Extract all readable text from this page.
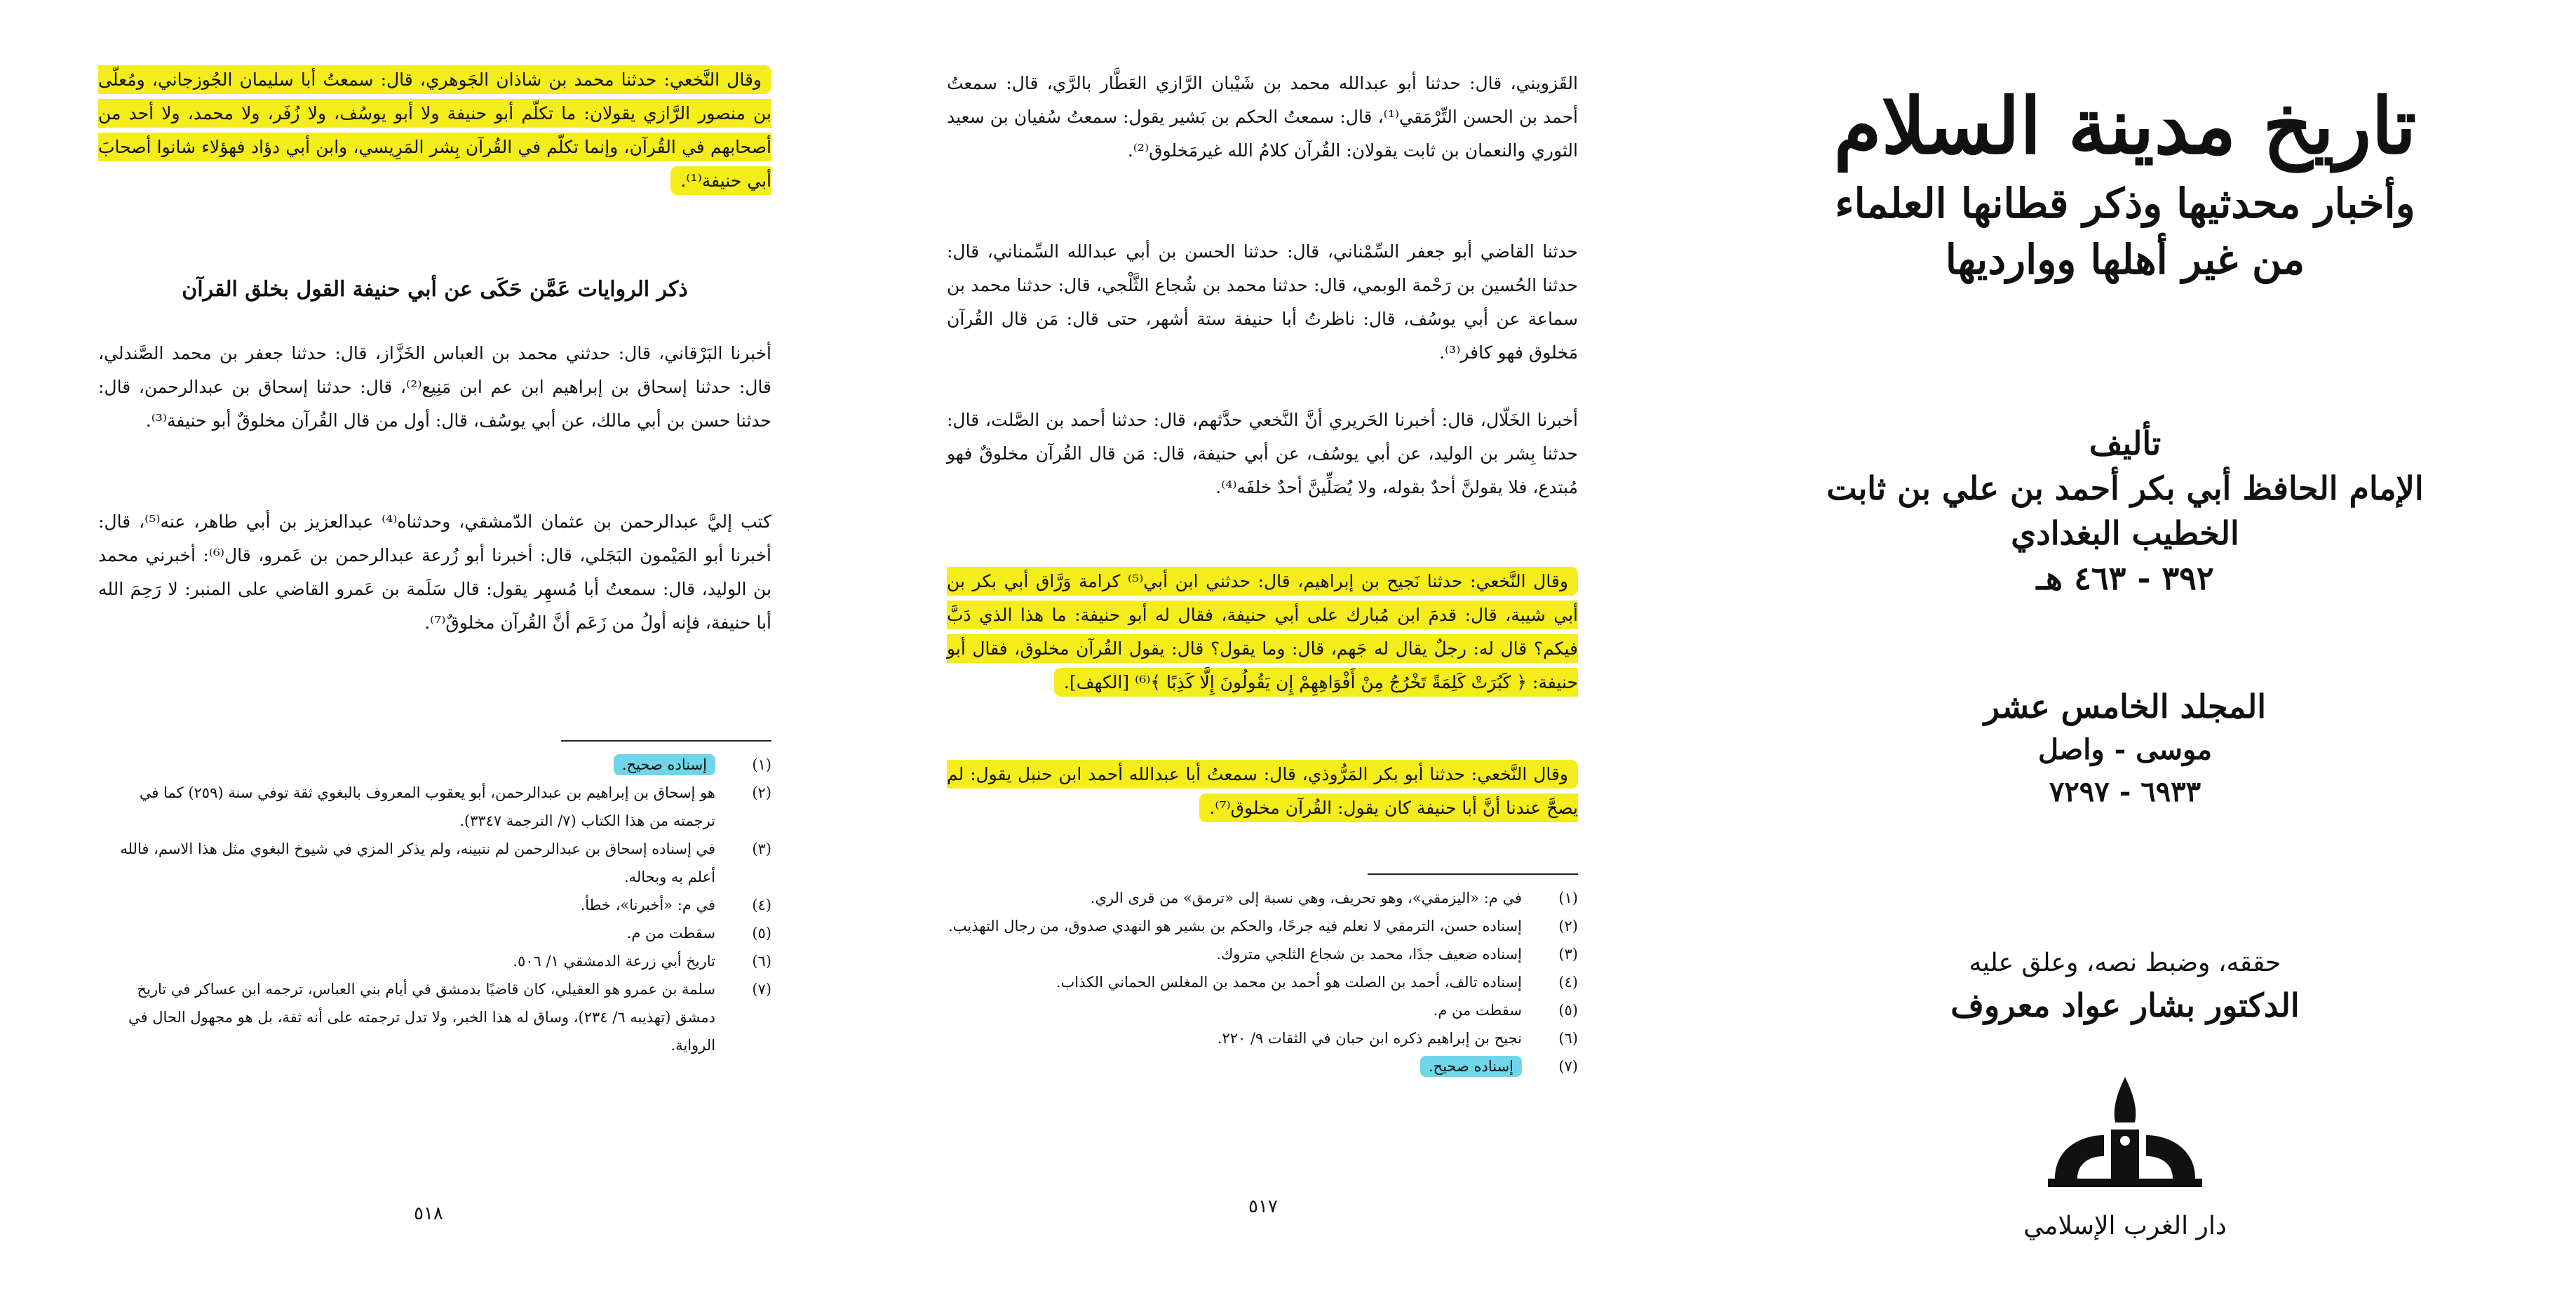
وقال النَّخعي: حدثنا محمد بن شاذان الجَوهري، قال: سمعتُ أبا سليمان الجُوزجاني، ومُعلّى بن منصور الرَّازي يقولان: ما تكلّم أبو حنيفة ولا أبو يوسُف، ولا زُفَر، ولا محمد، ولا أحد من أصحابهم في القُرآن، وإنما تكلّم في القُرآن بِشر المَرِيسي، وابن أبي دؤاد فهؤلاء شانوا أصحابَ أبي حنيفة⁽¹⁾.

ذكر الروايات عَمَّن حَكَى عن أبي حنيفة القول بخلق القرآن

أخبرنا البَرْقاني، قال: حدثني محمد بن العباس الخَزَّاز، قال: حدثنا جعفر بن محمد الصَّندلي، قال: حدثنا إسحاق بن إبراهيم ابن عم ابن مَنِيع⁽²⁾، قال: حدثنا إسحاق بن عبدالرحمن، قال: حدثنا حسن بن أبي مالك، عن أبي يوسُف، قال: أول من قال القُرآن مخلوقٌ أبو حنيفة⁽³⁾.

كتب إليَّ عبدالرحمن بن عثمان الدّمشقي، وحدثناه⁽⁴⁾ عبدالعزيز بن أبي طاهر، عنه⁽⁵⁾، قال: أخبرنا أبو المَيْمون البَجَلي، قال: أخبرنا أبو زُرعة عبدالرحمن بن عَمرو، قال⁽⁶⁾: أخبرني محمد بن الوليد، قال: سمعتُ أبا مُسهِر يقول: قال سَلَمة بن عَمرو القاضي على المنبر: لا رَحِمَ الله أبا حنيفة، فإنه أولُ من زَعَم أنَّ القُرآن مخلوقٌ⁽⁷⁾.

(١)
إسناده صحيح.
(٢)
هو إسحاق بن إبراهيم بن عبدالرحمن، أبو يعقوب المعروف بالبغوي ثقة توفي سنة (٢٥٩) كما في ترجمته من هذا الكتاب (٧/ الترجمة ٣٣٤٧).
(٣)
في إسناده إسحاق بن عبدالرحمن لم نتبينه، ولم يذكر المزي في شيوخ البغوي مثل هذا الاسم، فالله أعلم به وبحاله.
(٤)
في م: «أخبرنا»، خطأ.
(٥)
سقطت من م.
(٦)
تاريخ أبي زرعة الدمشقي ١/ ٥٠٦.
(٧)
سلمة بن عمرو هو العقيلي، كان قاضيًا بدمشق في أيام بني العباس، ترجمه ابن عساكر في تاريخ دمشق (تهذيبه ٦/ ٢٣٤)، وساق له هذا الخبر، ولا تدل ترجمته على أنه ثقة، بل هو مجهول الحال في الرواية.
٥١٨

القَزويني، قال: حدثنا أبو عبدالله محمد بن شَيْبان الرَّازي العَطَّار بالرَّي، قال: سمعتُ أحمد بن الحسن التِّرْمَقي⁽¹⁾، قال: سمعتُ الحكم بن بَشير يقول: سمعتُ سُفيان بن سعيد الثوري والنعمان بن ثابت يقولان: القُرآن كلامُ الله غيرمَخلوق⁽²⁾.

حدثنا القاضي أبو جعفر السِّمْناني، قال: حدثنا الحسن بن أبي عبدالله السِّمناني، قال: حدثنا الحُسين بن رَحْمة الوبمي، قال: حدثنا محمد بن شُجاع الثَّلْجي، قال: حدثنا محمد بن سماعة عن أبي يوسُف، قال: ناظرتُ أبا حنيفة ستة أشهر، حتى قال: مَن قال القُرآن مَخلوق فهو كافر⁽³⁾.

أخبرنا الخَلّال، قال: أخبرنا الحَريري أنَّ النَّخعي حدَّثهم، قال: حدثنا أحمد بن الصَّلت، قال: حدثنا بِشر بن الوليد، عن أبي يوسُف، عن أبي حنيفة، قال: مَن قال القُرآن مخلوقٌ فهو مُبتدع، فلا يقولنَّ أحدٌ بقوله، ولا يُصَلِّينَّ أحدٌ خلفَه⁽⁴⁾.

وقال النَّخعي: حدثنا نَجيح بن إبراهيم، قال: حدثني ابن أبي⁽⁵⁾ كرامة وَرَّاق أبي بكر بن أبي شيبة، قال: قدمَ ابن مُبارك على أبي حنيفة، فقال له أبو حنيفة: ما هذا الذي دَبَّ فيكم؟ قال له: رجلٌ يقال له جَهم، قال: وما يقول؟ قال: يقول القُرآن مخلوق، فقال أبو حنيفة: ﴿ كَبُرَتْ كَلِمَةً تَخْرُجُ مِنْ أَفْوَاهِهِمْ إِن يَقُولُونَ إِلَّا كَذِبًا ﴾⁽⁶⁾ [الكهف].

وقال النَّخعي: حدثنا أبو بكر المَرُّوذي، قال: سمعتُ أبا عبدالله أحمد ابن حنبل يقول: لم يصحَّ عندنا أنَّ أبا حنيفة كان يقول: القُرآن مخلوق⁽⁷⁾.

(١)
في م: «اليزمقي»، وهو تحريف، وهي نسبة إلى «ترمق» من قرى الري.
(٢)
إسناده حسن، الترمقي لا نعلم فيه جرحًا، والحكم بن بشير هو النهدي صدوق، من رجال التهذيب.
(٣)
إسناده ضعيف جدًا، محمد بن شجاع الثلجي متروك.
(٤)
إسناده تالف، أحمد بن الصلت هو أحمد بن محمد بن المغلس الحماني الكذاب.
(٥)
سقطت من م.
(٦)
نجيح بن إبراهيم ذكره ابن حبان في الثقات ٩/ ٢٢٠.
(٧)
إسناده صحيح.
٥١٧
تاريخ مدينة السلام
وأخبار محدثيها وذكر قطانها العلماء
من غير أهلها ووارديها
تأليف
الإمام الحافظ أبي بكر أحمد بن علي بن ثابت
الخطيب البغدادي
٣٩٢ - ٤٦٣ هـ
المجلد الخامس عشر
موسى - واصل
٦٩٣٣ - ٧٢٩٧
حققه، وضبط نصه، وعلق عليه
الدكتور بشار عواد معروف
دار الغرب الإسلامي
